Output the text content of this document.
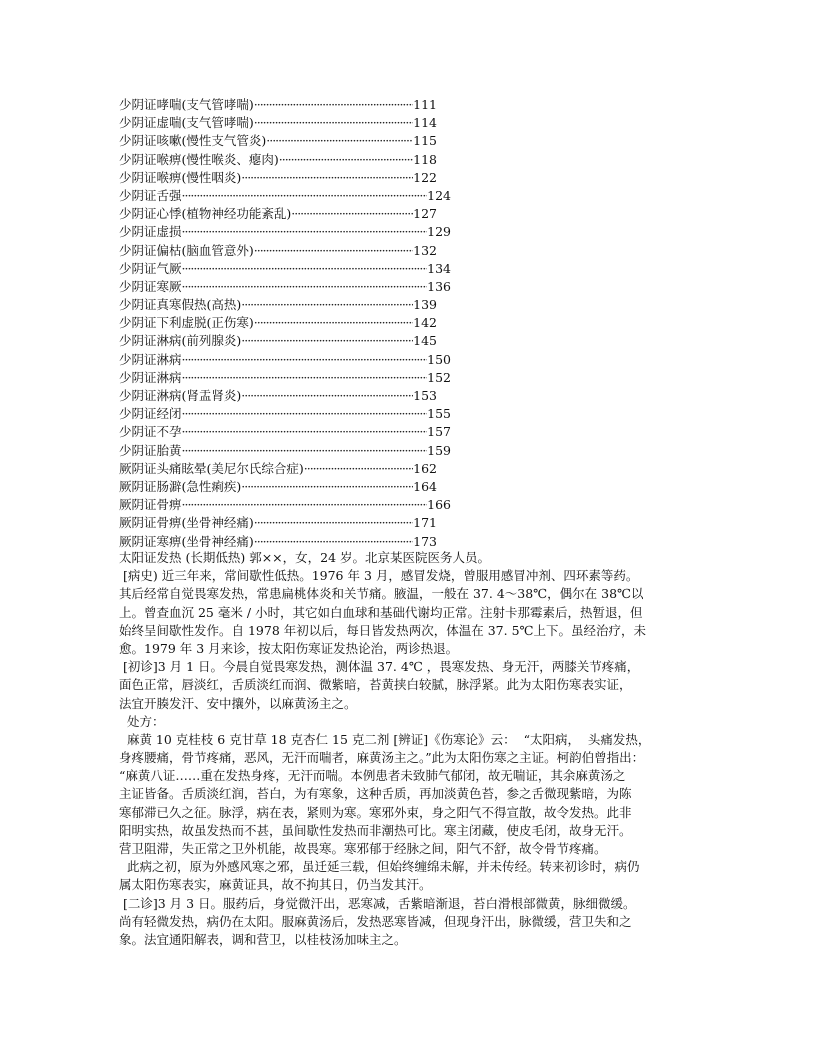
少阴证哮喘(支气管哮喘) ·····	111
少阴证虚喘(支气管哮喘) ·····	114
少阴证咳嗽(慢性支气管炎) ·····	115
少阴证喉痹(慢性喉炎、瘪肉) ·····	118
少阴证喉痹(慢性咽炎) ·····	122
少阴证舌强 ·····	124
少阴证心悸(植物神经功能紊乱) ·····	127
少阴证虚损 ·····	129
少阴证偏枯(脑血管意外) ·····	132
少阴证气厥 ·····	134
少阴证寒厥 ·····	136
少阴证真寒假热(高热) ·····	139
少阴证下利虚脱(正伤寒) ·····	142
少阴证淋病(前列腺炎) ·····	145
少阴证淋病 ·····	150
少阴证淋病 ·····	152
少阴证淋病(肾盂肾炎) ·····	153
少阴证经闭 ·····	155
少阴证不孕 ·····	157
少阴证胎黄 ·····	159
厥阴证头痛眩晕(美尼尔氏综合症) ·····	162
厥阴证肠澼(急性痢疾) ·····	164
厥阴证骨痹 ·····	166
厥阴证骨痹(坐骨神经痛) ·····	171
厥阴证寒痹(坐骨神经痛) ·····	173
太阳证发热 (长期低热) 郭××，女，24 岁。北京某医院医务人员。
[病史) 近三年来，常间歇性低热。1976 年 3 月，感冒发烧，曾服用感冒冲剂、四环素等药。
其后经常自觉畏寒发热，常患扁桃体炎和关节痛。腋温，一般在 37. 4～38℃，偶尔在 38℃以
上。曾查血沉 25 毫米 / 小时，其它如白血球和基础代谢均正常。注射卡那霉素后，热暂退，但
始终呈间歇性发作。自 1978 年初以后，每日皆发热两次，体温在 37. 5℃上下。虽经治疗，未
愈。1979 年 3 月来诊，按太阳伤寒证发热论治，两诊热退。
[初诊]3 月 1 日。今晨自觉畏寒发热，测体温 37. 4℃ ，畏寒发热、身无汗，两膝关节疼痛，
面色正常，唇淡红，舌质淡红而润、微紫暗，苔黄挟白较腻，脉浮紧。此为太阳伤寒表实证，
法宜开腠发汗、安中攘外，以麻黄汤主之。
处方：
麻黄 10 克桂枝 6 克甘草 18 克杏仁 15 克二剂 [辨证]《伤寒论》云：  “太阳病，  头痛发热，
身疼腰痛，骨节疼痛，恶风，无汗而喘者，麻黄汤主之。”此为太阳伤寒之主证。柯韵伯曾指出：
“麻黄八证……重在发热身疼，无汗而喘。本例患者未致肺气郁闭，故无喘证，其余麻黄汤之
主证皆备。舌质淡红润，苔白，为有寒象，这种舌质，再加淡黄色苔，参之舌微现紫暗，为陈
寒郁滞已久之征。脉浮，病在表，紧则为寒。寒邪外束，身之阳气不得宣散，故令发热。此非
阳明实热，故虽发热而不甚，虽间歇性发热而非潮热可比。寒主闭藏，使皮毛闭，故身无汗。
营卫阻滞，失正常之卫外机能，故畏寒。寒邪郁于经脉之间，阳气不舒，故令骨节疼痛。
此病之初，原为外感风寒之邪，虽迁延三载，但始终缠绵未解，并未传经。转来初诊时，病仍
属太阳伤寒表实，麻黄证具，故不拘其日，仍当发其汗。
[二诊]3 月 3 日。服药后，身觉微汗出，恶寒减，舌紫暗渐退，苔白滑根部微黄，脉细微缓。
尚有轻微发热，病仍在太阳。服麻黄汤后，发热恶寒皆减，但现身汗出，脉微缓，营卫失和之
象。法宜通阳解表，调和营卫，以桂枝汤加味主之。
